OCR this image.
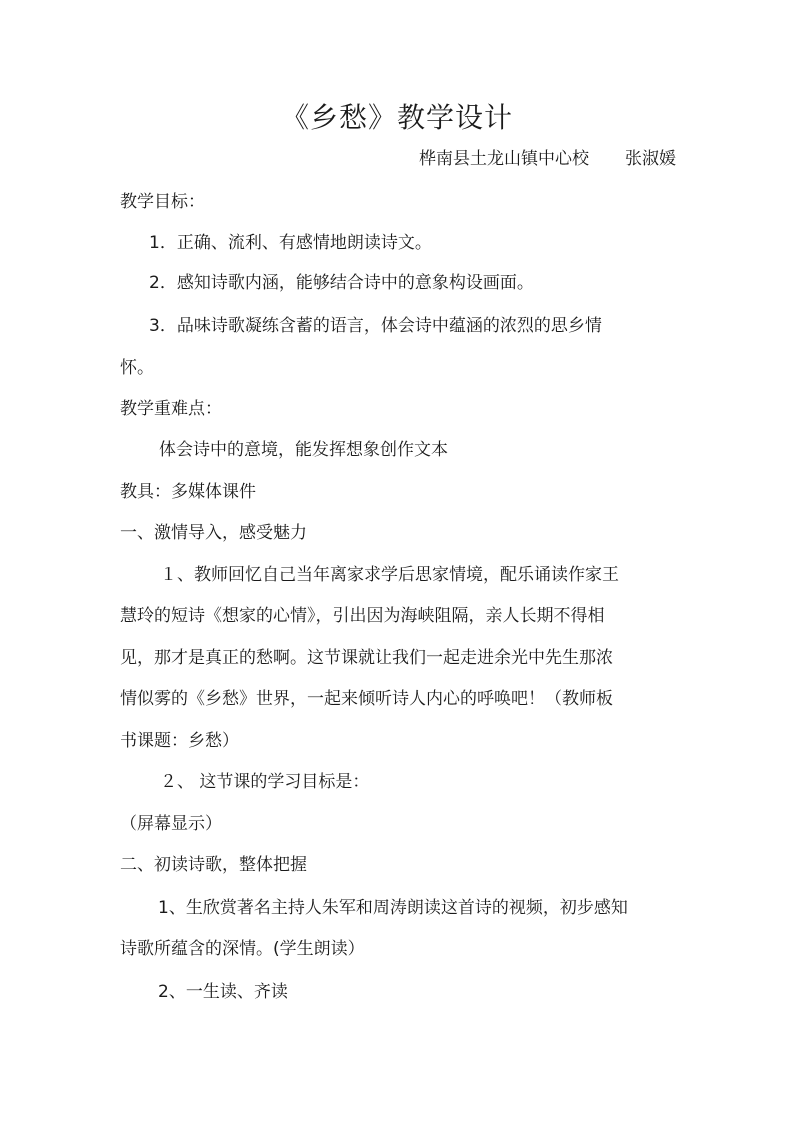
《乡愁》教学设计
桦南县土龙山镇中心校 张淑媛
教学目标：
1．正确、流利、有感情地朗读诗文。
2．感知诗歌内涵，能够结合诗中的意象构设画面。
3．品味诗歌凝练含蓄的语言，体会诗中蕴涵的浓烈的思乡情
怀。
教学重难点：
体会诗中的意境，能发挥想象创作文本
教具：多媒体课件
一、激情导入，感受魅力
１、教师回忆自己当年离家求学后思家情境，配乐诵读作家王
慧玲的短诗《想家的心情》，引出因为海峡阻隔，亲人长期不得相
见，那才是真正的愁啊。这节课就让我们一起走进余光中先生那浓
情似雾的《乡愁》世界，一起来倾听诗人内心的呼唤吧！（教师板
书课题：乡愁）
２、 这节课的学习目标是：
（屏幕显示）
二、初读诗歌，整体把握
1、生欣赏著名主持人朱军和周涛朗读这首诗的视频，初步感知
诗歌所蕴含的深情。(学生朗读）
2、一生读、齐读
